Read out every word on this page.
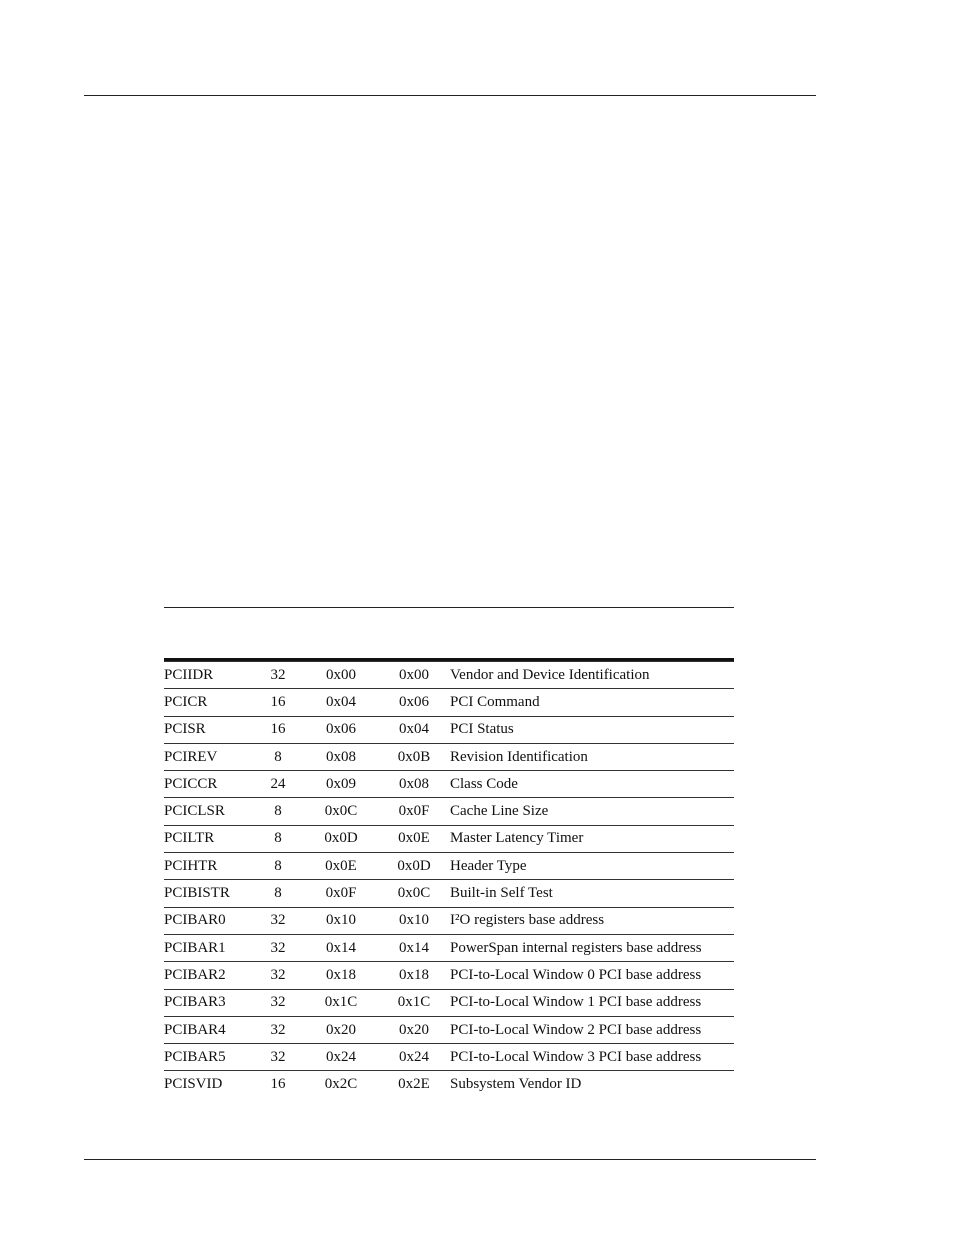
PCIIDR	32	0x00	0x00	Vendor and Device Identification
PCICR	16	0x04	0x06	PCI Command
PCISR	16	0x06	0x04	PCI Status
PCIREV	8	0x08	0x0B	Revision Identification
PCICCR	24	0x09	0x08	Class Code
PCICLSR	8	0x0C	0x0F	Cache Line Size
PCILTR	8	0x0D	0x0E	Master Latency Timer
PCIHTR	8	0x0E	0x0D	Header Type
PCIBISTR	8	0x0F	0x0C	Built-in Self Test
PCIBAR0	32	0x10	0x10	I²O registers base address
PCIBAR1	32	0x14	0x14	PowerSpan internal registers base address
PCIBAR2	32	0x18	0x18	PCI-to-Local Window 0 PCI base address
PCIBAR3	32	0x1C	0x1C	PCI-to-Local Window 1 PCI base address
PCIBAR4	32	0x20	0x20	PCI-to-Local Window 2 PCI base address
PCIBAR5	32	0x24	0x24	PCI-to-Local Window 3 PCI base address
PCISVID	16	0x2C	0x2E	Subsystem Vendor ID
